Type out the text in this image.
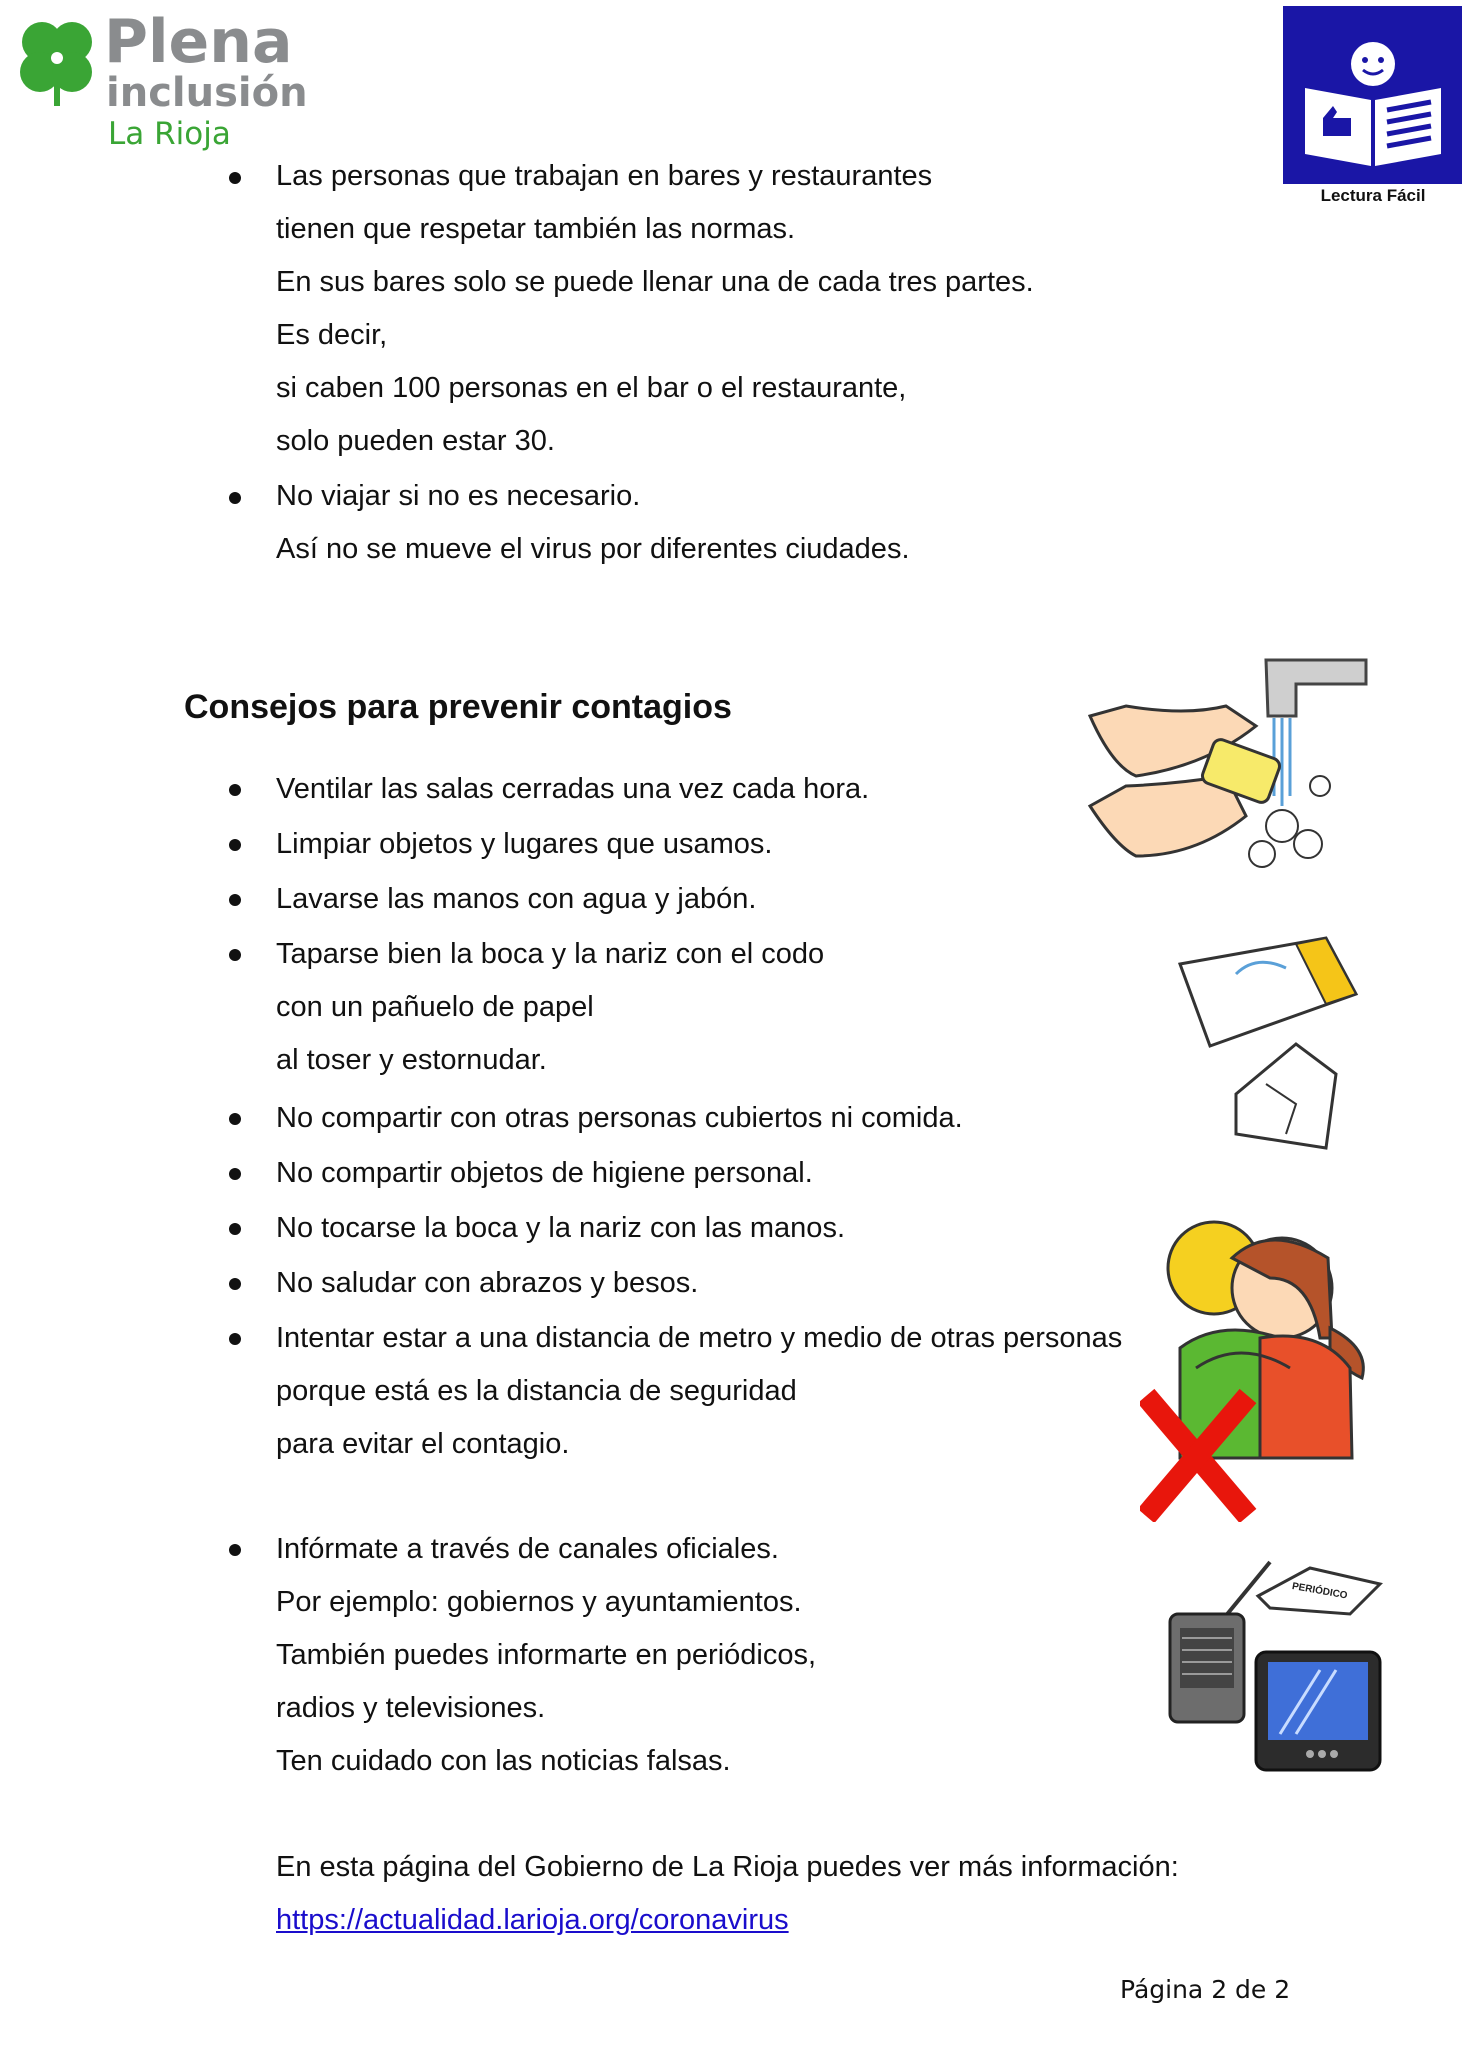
Plena
inclusión
La Rioja
Lectura Fácil
Las personas que trabajan en bares y restaurantes
tienen que respetar también las normas.
En sus bares solo se puede llenar una de cada tres partes.
Es decir,
si caben 100 personas en el bar o el restaurante,
solo pueden estar 30.
No viajar si no es necesario.
Así no se mueve el virus por diferentes ciudades.
Consejos para prevenir contagios
Ventilar las salas cerradas una vez cada hora.
Limpiar objetos y lugares que usamos.
Lavarse las manos con agua y jabón.
Taparse bien la boca y la nariz con el codo
con un pañuelo de papel
al toser y estornudar.
No compartir con otras personas cubiertos ni comida.
No compartir objetos de higiene personal.
No tocarse la boca y la nariz con las manos.
No saludar con abrazos y besos.
Intentar estar a una distancia de metro y medio de otras personas
porque está es la distancia de seguridad
para evitar el contagio.
Infórmate a través de canales oficiales.
Por ejemplo: gobiernos y ayuntamientos.
También puedes informarte en periódicos,
radios y televisiones.
Ten cuidado con las noticias falsas.
En esta página del Gobierno de La Rioja puedes ver más información:
https://actualidad.larioja.org/coronavirus
PERIÓDICO
Página 2 de 2
